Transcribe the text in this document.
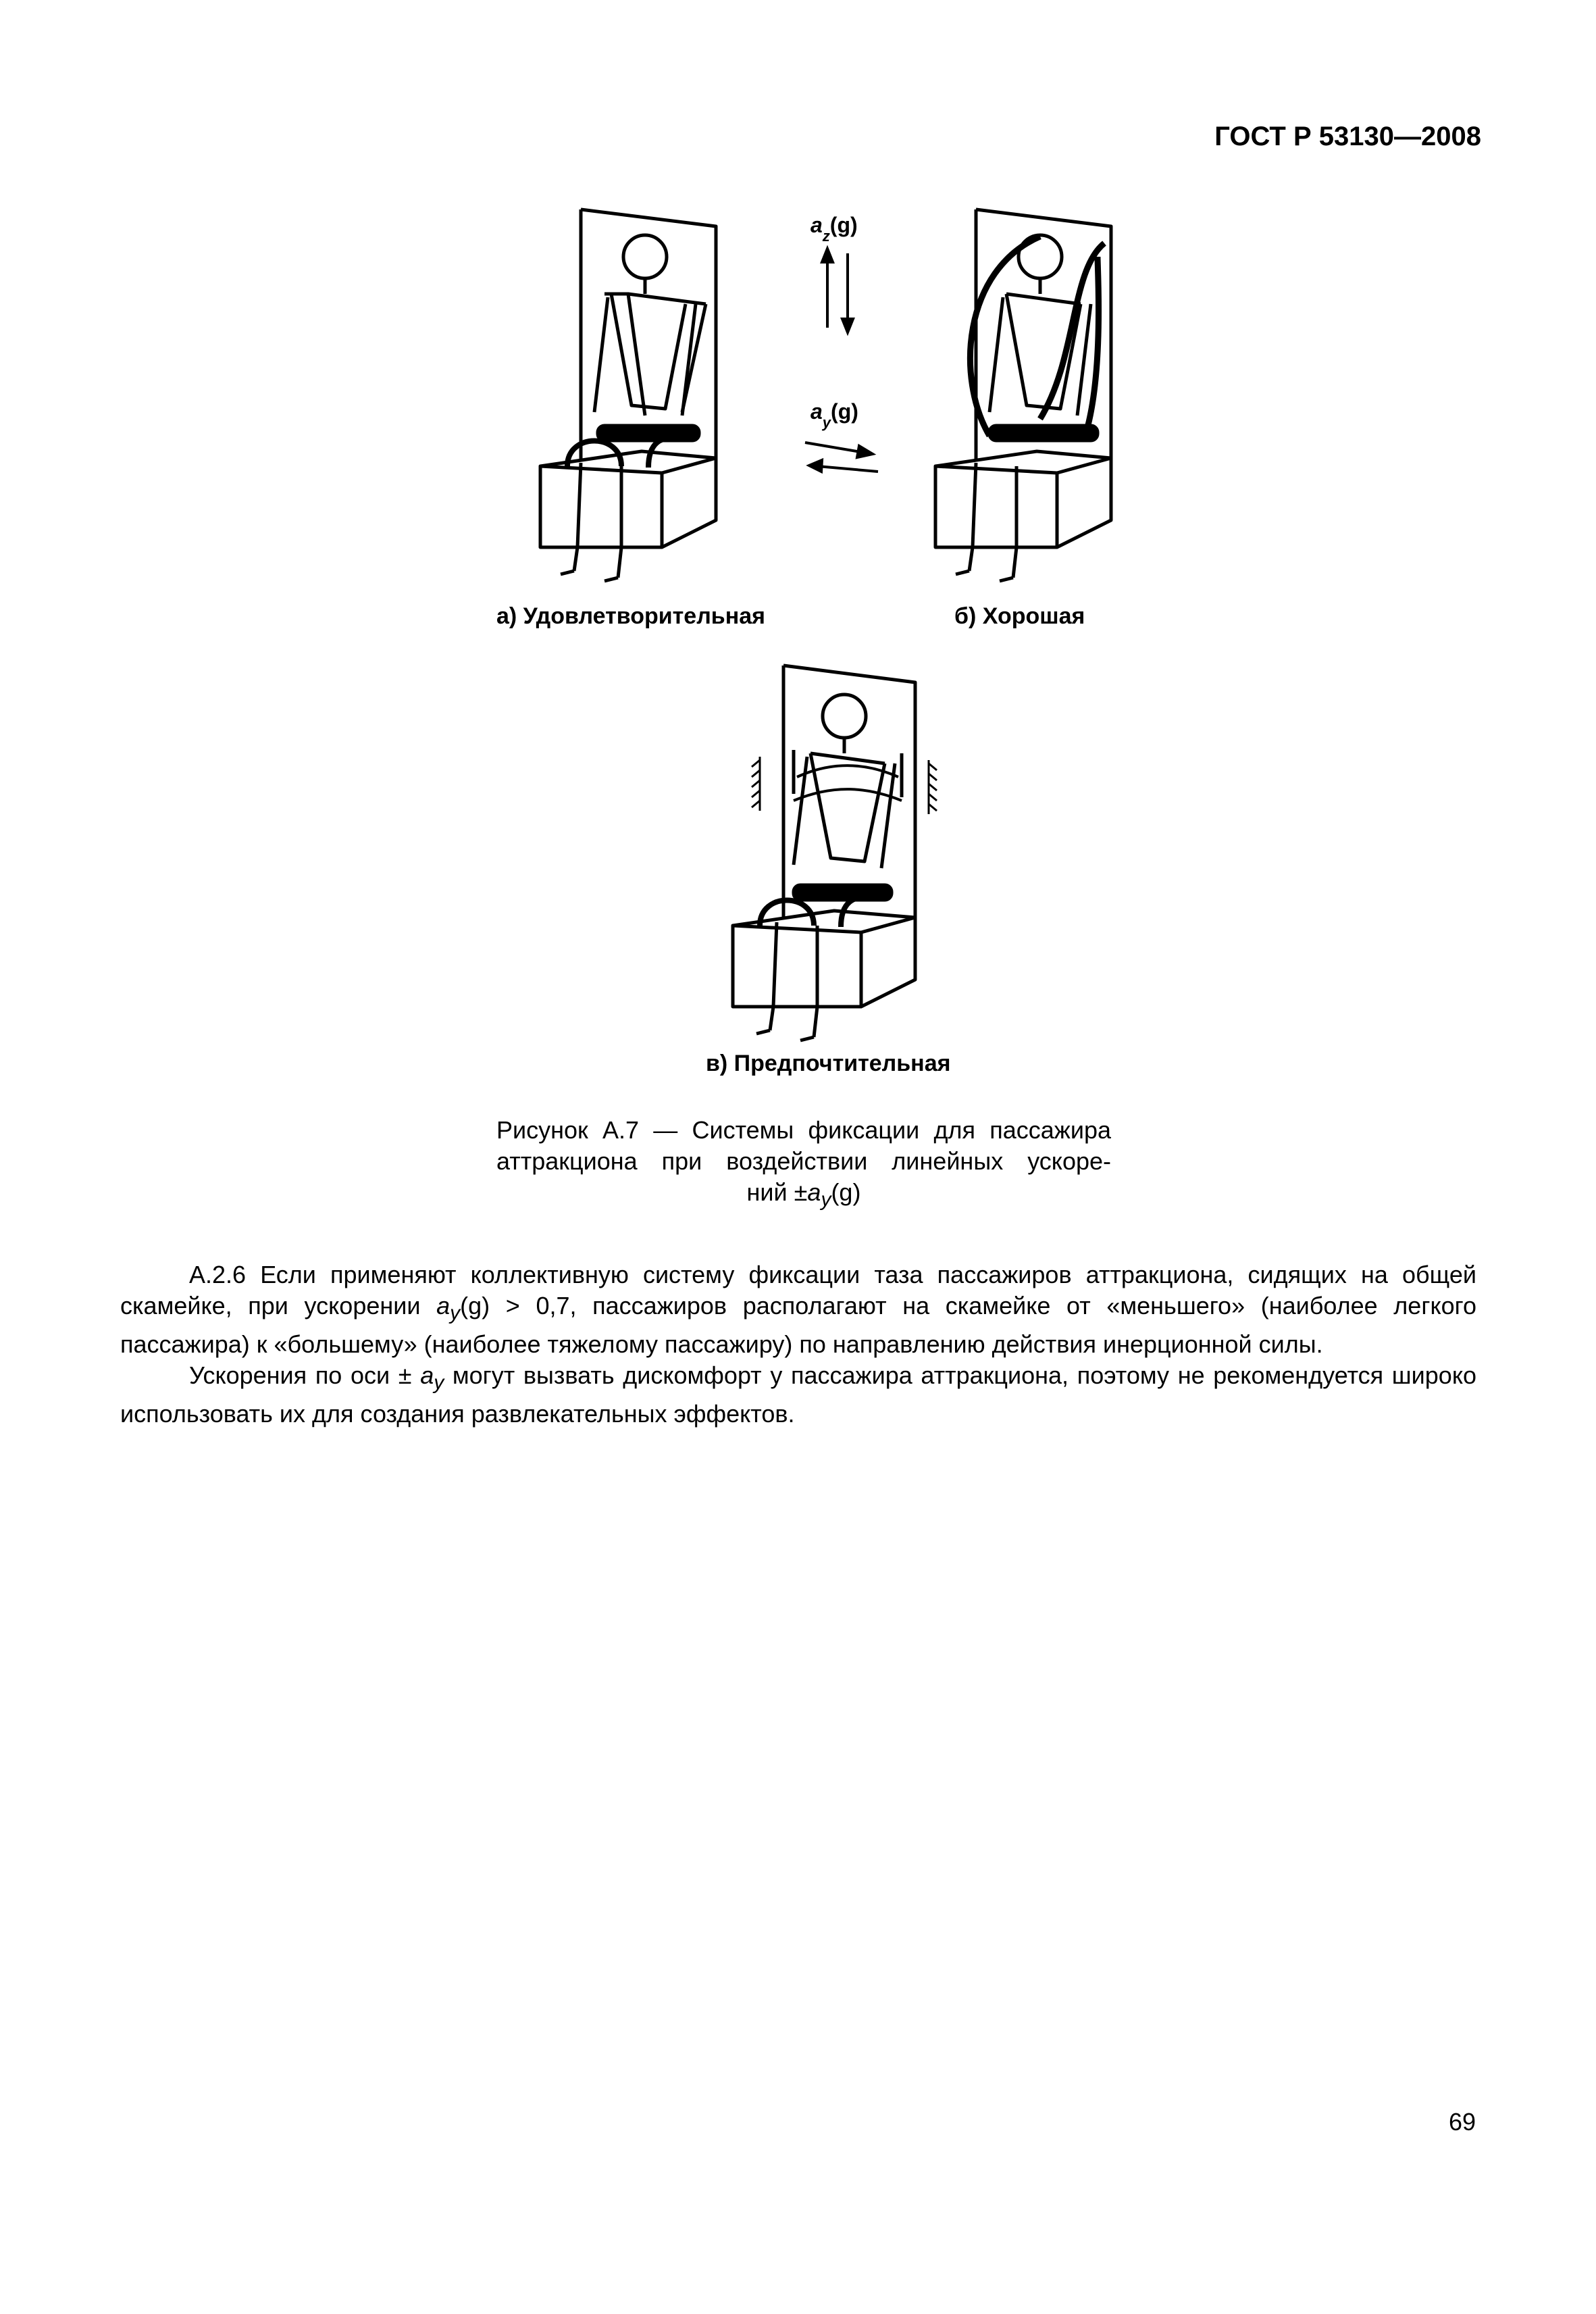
ГОСТ Р 53130—2008
а) Удовлетворительная
$a_z(g)$
$a_y(g)$
б) Хорошая
в) Предпочтительная
Рисунок А.7 — Системы фиксации для пассажира
аттракциона при воздействии линейных ускоре-
ний $\pm a_y(g)$

А.2.6 Если применяют коллективную систему фиксации таза пассажиров аттракциона, сидящих на общей скамейке, при ускорении $a_y(g) > 0,7$, пассажиров располагают на скамейке от «меньшего» (наиболее легкого пассажира) к «большему» (наиболее тяжелому пассажиру) по направлению действия инерционной силы.

Ускорения по оси ± $a_y$ могут вызвать дискомфорт у пассажира аттракциона, поэтому не рекомендуется широко использовать их для создания развлекательных эффектов.

69
